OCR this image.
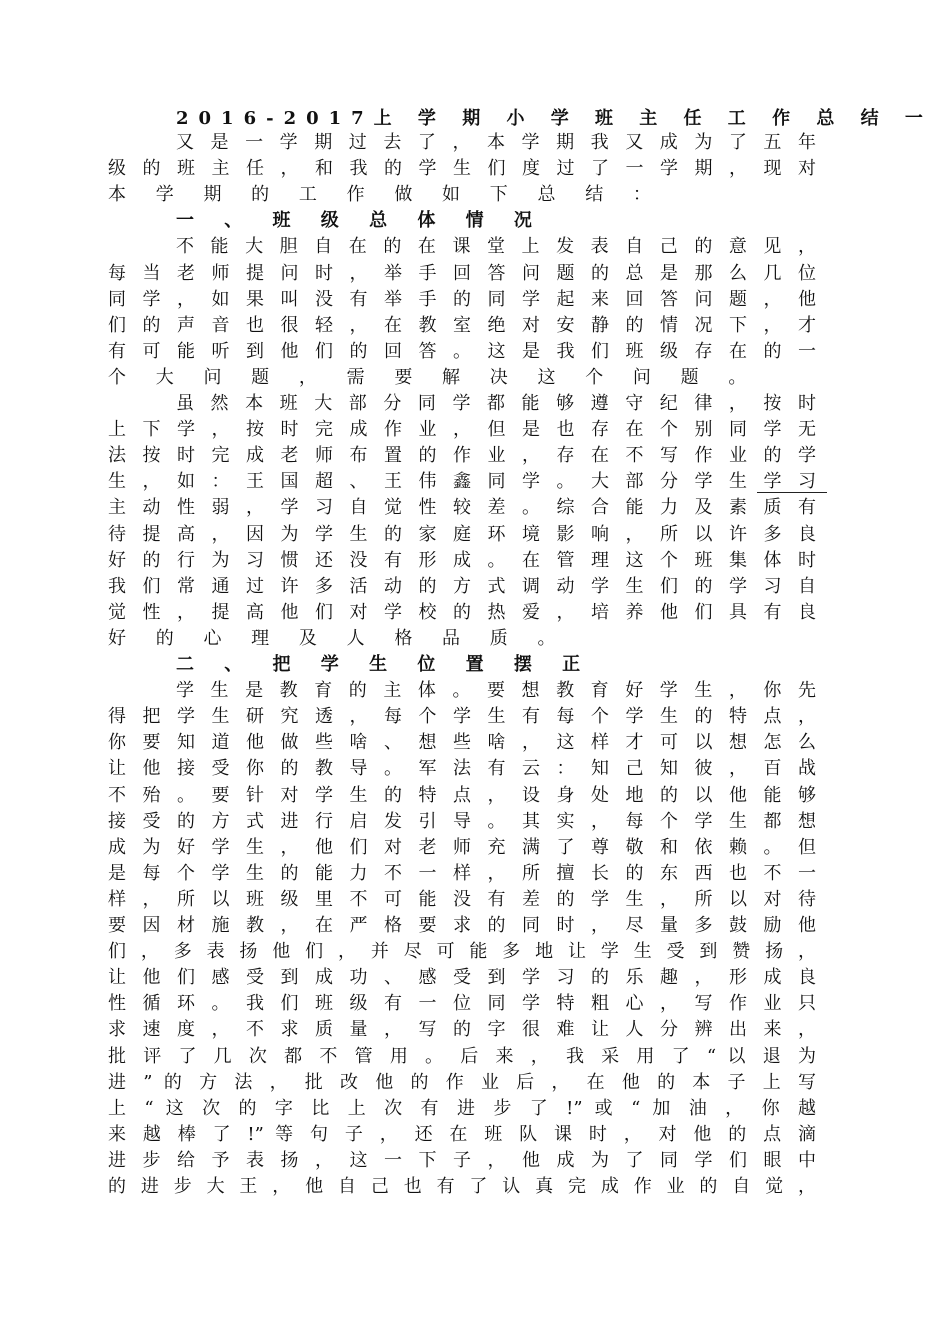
2016-2017上 学 期 小 学 班 主 任 工 作 总 结 一
又 是 一 学 期 过 去 了 ， 本 学 期 我 又 成 为 了 五 年
级 的 班 主 任 ， 和 我 的 学 生 们 度 过 了 一 学 期 ， 现 对
本 学 期 的 工 作 做 如 下 总 结 ：
一 、 班 级 总 体 情 况
不 能 大 胆 自 在 的 在 课 堂 上 发 表 自 己 的 意 见 ，
每 当 老 师 提 问 时 ， 举 手 回 答 问 题 的 总 是 那 么 几 位
同 学 ， 如 果 叫 没 有 举 手 的 同 学 起 来 回 答 问 题 ， 他
们 的 声 音 也 很 轻 ， 在 教 室 绝 对 安 静 的 情 况 下 ， 才
有 可 能 听 到 他 们 的 回 答 。 这 是 我 们 班 级 存 在 的 一
个 大 问 题 ， 需 要 解 决 这 个 问 题 。
虽 然 本 班 大 部 分 同 学 都 能 够 遵 守 纪 律 ， 按 时
上 下 学 ， 按 时 完 成 作 业 ， 但 是 也 存 在 个 别 同 学 无
法 按 时 完 成 老 师 布 置 的 作 业 ， 存 在 不 写 作 业 的 学
生 ， 如 ： 王 国 超 、 王 伟 鑫 同 学 。 大 部 分 学 生 学 习
主 动 性 弱 ， 学 习 自 觉 性 较 差 。 综 合 能 力 及 素 质 有
待 提 高 ， 因 为 学 生 的 家 庭 环 境 影 响 ， 所 以 许 多 良
好 的 行 为 习 惯 还 没 有 形 成 。 在 管 理 这 个 班 集 体 时
我 们 常 通 过 许 多 活 动 的 方 式 调 动 学 生 们 的 学 习 自
觉 性 ， 提 高 他 们 对 学 校 的 热 爱 ， 培 养 他 们 具 有 良
好 的 心 理 及 人 格 品 质 。
二 、 把 学 生 位 置 摆 正
学 生 是 教 育 的 主 体 。 要 想 教 育 好 学 生 ， 你 先
得 把 学 生 研 究 透 ， 每 个 学 生 有 每 个 学 生 的 特 点 ，
你 要 知 道 他 做 些 啥 、 想 些 啥 ， 这 样 才 可 以 想 怎 么
让 他 接 受 你 的 教 导 。 军 法 有 云 ： 知 己 知 彼 ， 百 战
不 殆 。 要 针 对 学 生 的 特 点 ， 设 身 处 地 的 以 他 能 够
接 受 的 方 式 进 行 启 发 引 导 。 其 实 ， 每 个 学 生 都 想
成 为 好 学 生 ， 他 们 对 老 师 充 满 了 尊 敬 和 依 赖 。 但
是 每 个 学 生 的 能 力 不 一 样 ， 所 擅 长 的 东 西 也 不 一
样 ， 所 以 班 级 里 不 可 能 没 有 差 的 学 生 ， 所 以 对 待
要 因 材 施 教 ， 在 严 格 要 求 的 同 时 ， 尽 量 多 鼓 励 他
们 ， 多 表 扬 他 们 ， 并 尽 可 能 多 地 让 学 生 受 到 赞 扬 ，
让 他 们 感 受 到 成 功 、 感 受 到 学 习 的 乐 趣 ， 形 成 良
性 循 环 。 我 们 班 级 有 一 位 同 学 特 粗 心 ， 写 作 业 只
求 速 度 ， 不 求 质 量 ， 写 的 字 很 难 让 人 分 辨 出 来 ，
批 评 了 几 次 都 不 管 用 。 后 来 ， 我 采 用 了 “ 以 退 为
进 ” 的 方 法 ， 批 改 他 的 作 业 后 ， 在 他 的 本 子 上 写
上 “ 这 次 的 字 比 上 次 有 进 步 了 !” 或 “ 加 油 ， 你 越
来 越 棒 了 !” 等 句 子 ， 还 在 班 队 课 时 ， 对 他 的 点 滴
进 步 给 予 表 扬 ， 这 一 下 子 ， 他 成 为 了 同 学 们 眼 中
的 进 步 大 王 ， 他 自 己 也 有 了 认 真 完 成 作 业 的 自 觉 ，
